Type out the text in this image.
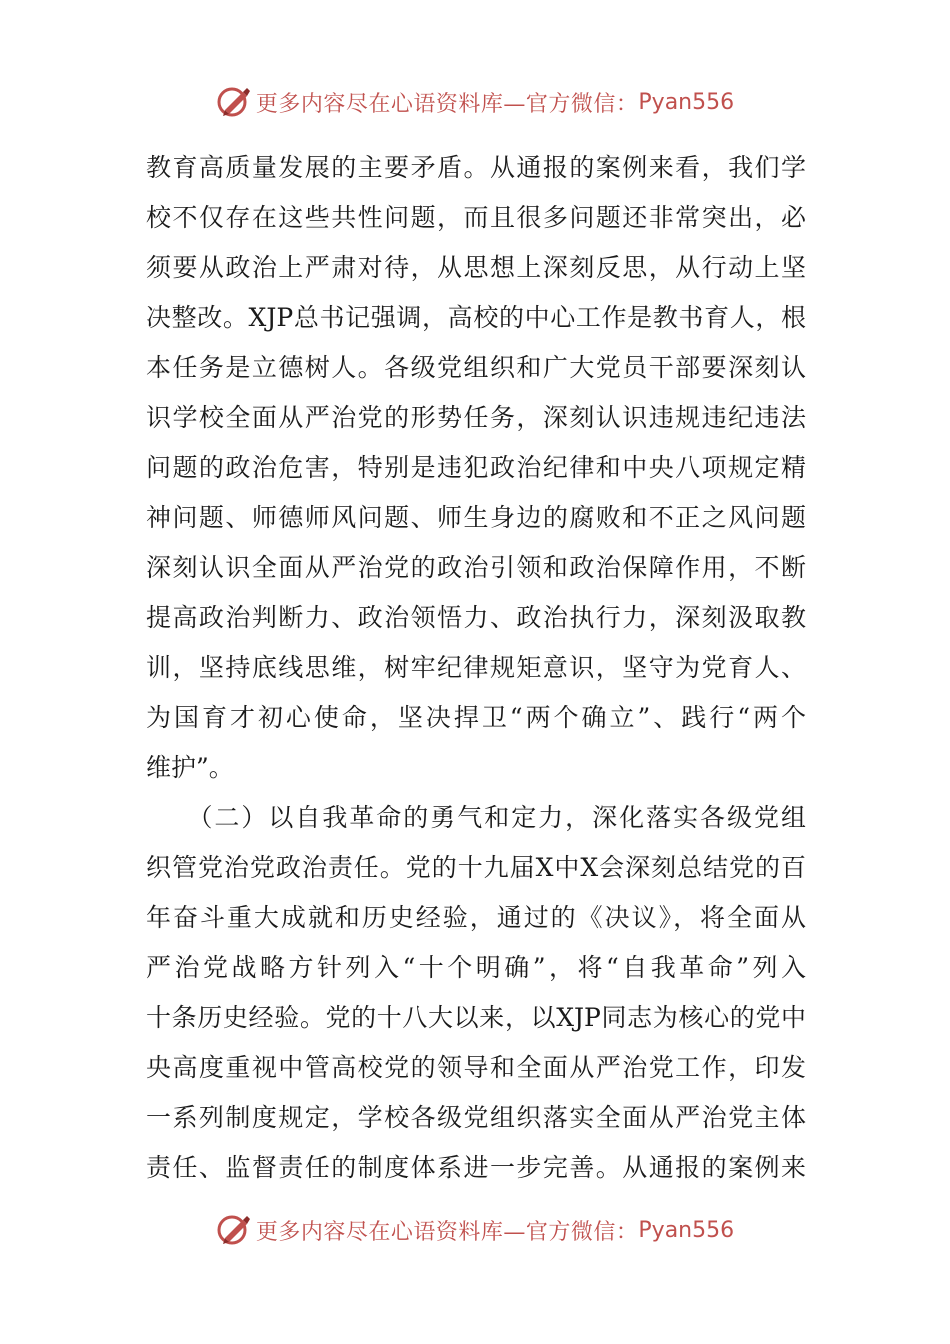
更多内容尽在心语资料库—官方微信： Pyan556
教育高质量发展的主要矛盾。从通报的案例来看，我们学
校不仅存在这些共性问题，而且很多问题还非常突出，必
须要从政治上严肃对待，从思想上深刻反思，从行动上坚
决整改。XJP总书记强调，高校的中心工作是教书育人，根
本任务是立德树人。各级党组织和广大党员干部要深刻认
识学校全面从严治党的形势任务，深刻认识违规违纪违法
问题的政治危害，特别是违犯政治纪律和中央八项规定精
神问题、师德师风问题、师生身边的腐败和不正之风问题
深刻认识全面从严治党的政治引领和政治保障作用，不断
提高政治判断力、政治领悟力、政治执行力，深刻汲取教
训，坚持底线思维，树牢纪律规矩意识，坚守为党育人、
为国育才初心使命，坚决捍卫“两个确立”、践行“两个
维护”。
　　（二）以自我革命的勇气和定力，深化落实各级党组
织管党治党政治责任。党的十九届X中X会深刻总结党的百
年奋斗重大成就和历史经验，通过的《决议》，将全面从
严治党战略方针列入“十个明确”，将“自我革命”列入
十条历史经验。党的十八大以来，以XJP同志为核心的党中
央高度重视中管高校党的领导和全面从严治党工作，印发
一系列制度规定，学校各级党组织落实全面从严治党主体
责任、监督责任的制度体系进一步完善。从通报的案例来
更多内容尽在心语资料库—官方微信： Pyan556
